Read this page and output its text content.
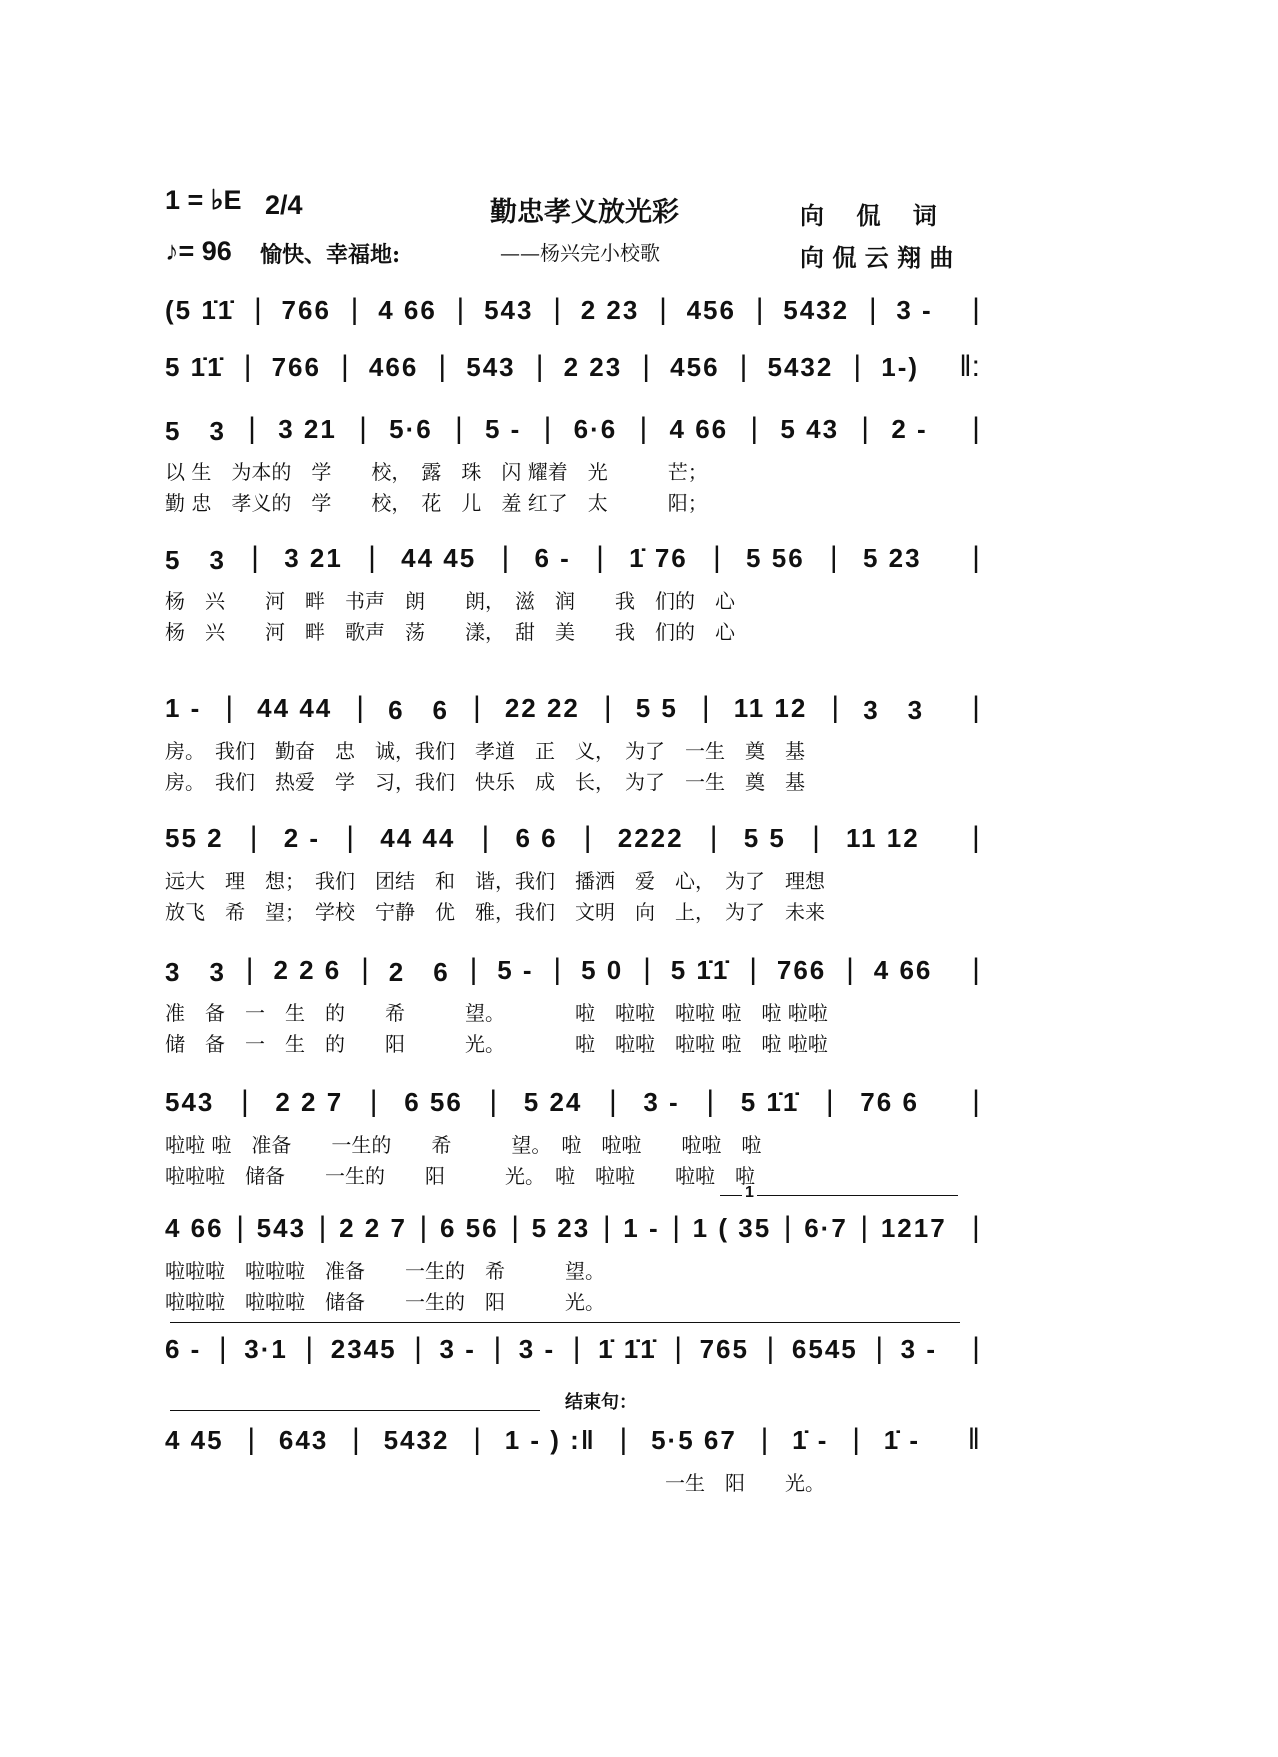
1 = ♭E 2/4	勤忠孝义放光彩	向　 侃　 词
♪= 96 愉快、幸福地:	——杨兴完小校歌	向 侃 云 翔 曲
1
结束句：
(5 1̇1̇ | 766 | 4 66 | 543 | 2 23 | 456 | 5432 | 3 - |
5 1̇1̇ | 766 | 466 | 543 | 2 23 | 456 | 5432 | 1-) ‖:
5　3 | 3 21 | 5·6 | 5 - | 6·6 | 4 66 | 5 43 | 2 - |
以 生　为本的　学　　校，　露　珠　闪 耀着　光　　　芒；
勤 忠　孝义的　学　　校，　花　儿　羞 红了　太　　　阳；
5　3 | 3 21 | 44 45 | 6 - | 1̇ 76 | 5 56 | 5 23 |
杨　兴　　河　畔　书声　朗　　朗，　滋　润　　我　们的　心
杨　兴　　河　畔　歌声　荡　　漾，　甜　美　　我　们的　心
1 - | 44 44 | 6　6 | 22 22 | 5 5 | 11 12 | 3　3 |
房。　我们　勤奋　忠　诚，我们　孝道　正　义，　为了　一生　奠　基
房。　我们　热爱　学　习，我们　快乐　成　长，　为了　一生　奠　基
55 2 | 2 - | 44 44 | 6 6 | 2222 | 5 5 | 11 12 |
远大　理　想；　我们　团结　和　谐，我们　播洒　爱　心，　为了　理想
放飞　希　望；　学校　宁静　优　雅，我们　文明　向　上，　为了　未来
3　3 | 2 2 6 | 2　6 | 5 - | 5 0 | 5 1̇1̇ | 766 | 4 66 |
准　备　一　生　的　　希　　　望。　　　　啦　啦啦　啦啦 啦　啦 啦啦
储　备　一　生　的　　阳　　　光。　　　　啦　啦啦　啦啦 啦　啦 啦啦
543 | 2 2 7 | 6 56 | 5 24 | 3 - | 5 1̇1̇ | 76 6 |
啦啦 啦　准备　　一生的　　希　　　望。　啦　啦啦　　啦啦　啦
啦啦啦　储备　　一生的　　阳　　　光。　啦　啦啦　　啦啦　啦
4 66 | 543 | 2 2 7 | 6 56 | 5 23 | 1 - | 1 ( 35 | 6·7 | 1217 |
啦啦啦　啦啦啦　准备　　一生的　希　　　望。　　　　　　　　　　　　　　　
啦啦啦　啦啦啦　储备　　一生的　阳　　　光。　　　　　　　　　　　　　　　
6 - | 3·1 | 2345 | 3 - | 3 - | 1̇ 1̇1̇ | 765 | 6545 | 3 - |
4 45 | 643 | 5432 | 1 - ) :‖ | 5·5 67 | 1̇ - | 1̇ - ‖
　　　　　　　　　　　　　　　　　　　　　　　　　一生　阳　　光。　　　　　　　　
